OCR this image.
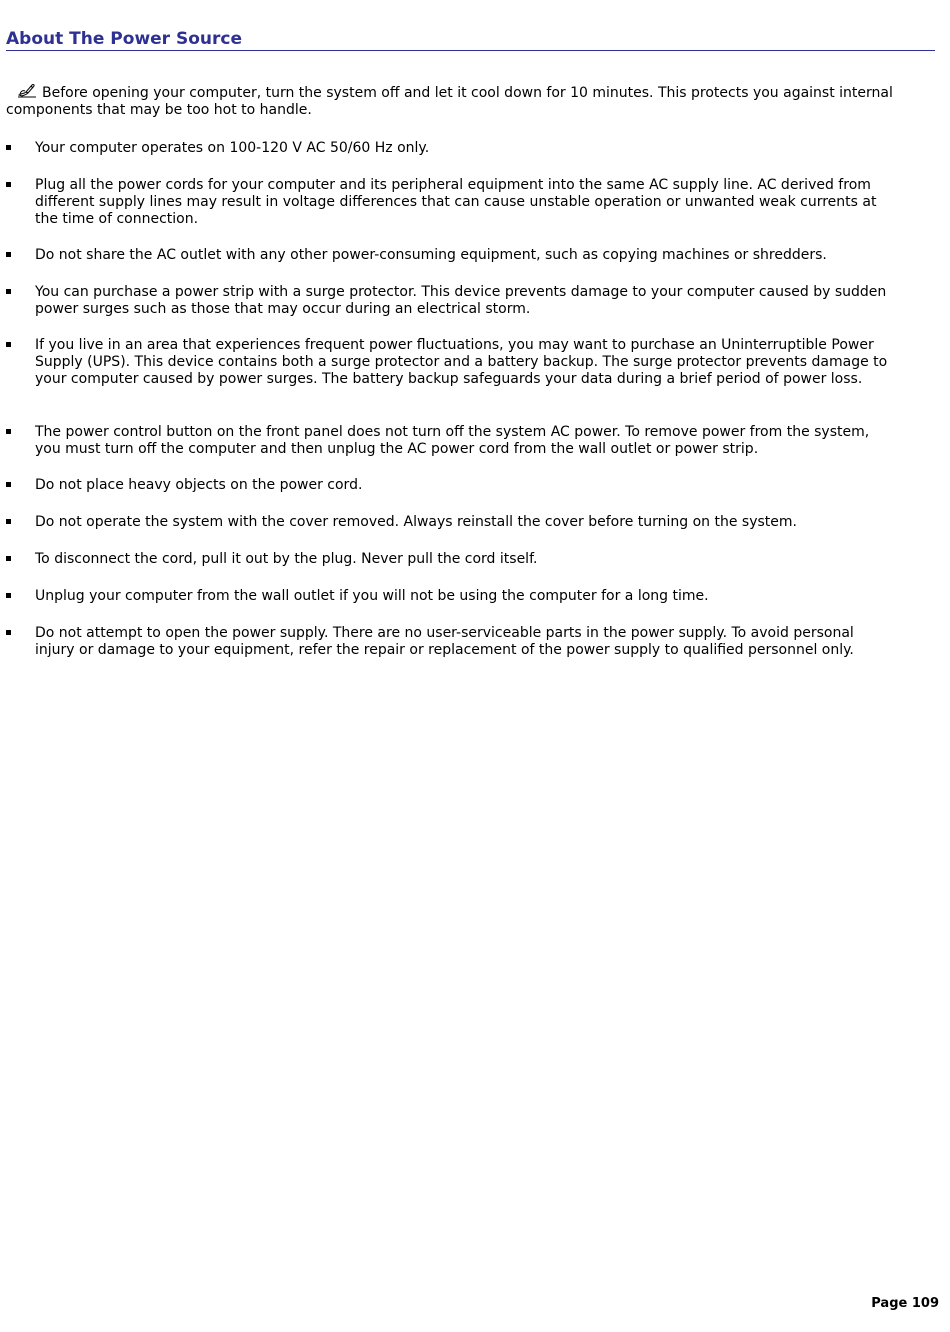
About The Power Source

Before opening your computer, turn the system off and let it cool down for 10 minutes. This protects you against internal components that may be too hot to handle.

Your computer operates on 100-120 V AC 50/60 Hz only.
Plug all the power cords for your computer and its peripheral equipment into the same AC supply line. AC derived from different supply lines may result in voltage differences that can cause unstable operation or unwanted weak currents at the time of connection.
Do not share the AC outlet with any other power-consuming equipment, such as copying machines or shredders.
You can purchase a power strip with a surge protector. This device prevents damage to your computer caused by sudden power surges such as those that may occur during an electrical storm.
If you live in an area that experiences frequent power fluctuations, you may want to purchase an Uninterruptible Power Supply (UPS). This device contains both a surge protector and a battery backup. The surge protector prevents damage to your computer caused by power surges. The battery backup safeguards your data during a brief period of power loss.
The power control button on the front panel does not turn off the system AC power. To remove power from the system, you must turn off the computer and then unplug the AC power cord from the wall outlet or power strip.
Do not place heavy objects on the power cord.
Do not operate the system with the cover removed. Always reinstall the cover before turning on the system.
To disconnect the cord, pull it out by the plug. Never pull the cord itself.
Unplug your computer from the wall outlet if you will not be using the computer for a long time.
Do not attempt to open the power supply. There are no user-serviceable parts in the power supply. To avoid personal injury or damage to your equipment, refer the repair or replacement of the power supply to qualified personnel only.
Page 109
